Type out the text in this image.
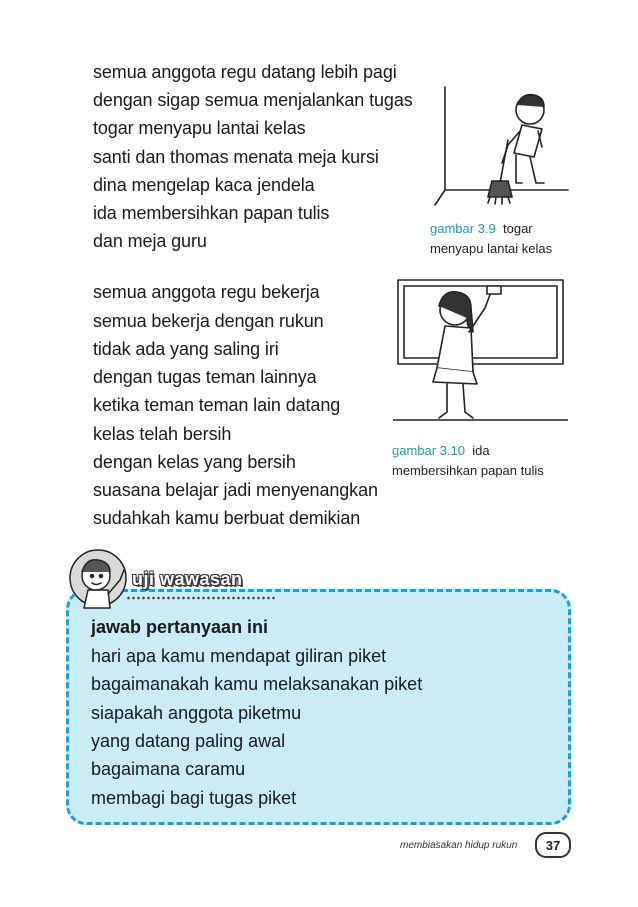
semua anggota regu datang lebih pagi
dengan sigap semua menjalankan tugas
togar menyapu lantai kelas
santi dan thomas menata meja kursi
dina mengelap kaca jendela
ida membersihkan papan tulis
dan meja guru
gambar 3.9 togar
menyapu lantai kelas
semua anggota regu bekerja
semua bekerja dengan rukun
tidak ada yang saling iri
dengan tugas teman lainnya
ketika teman teman lain datang
kelas telah bersih
dengan kelas yang bersih
suasana belajar jadi menyenangkan
sudahkah kamu berbuat demikian
gambar 3.10 ida
membersihkan papan tulis
uji wawasan
jawab pertanyaan ini
hari apa kamu mendapat giliran piket
bagaimanakah kamu melaksanakan piket
siapakah anggota piketmu
yang datang paling awal
bagaimana caramu
membagi bagi tugas piket
membiasakan hidup rukun	37
